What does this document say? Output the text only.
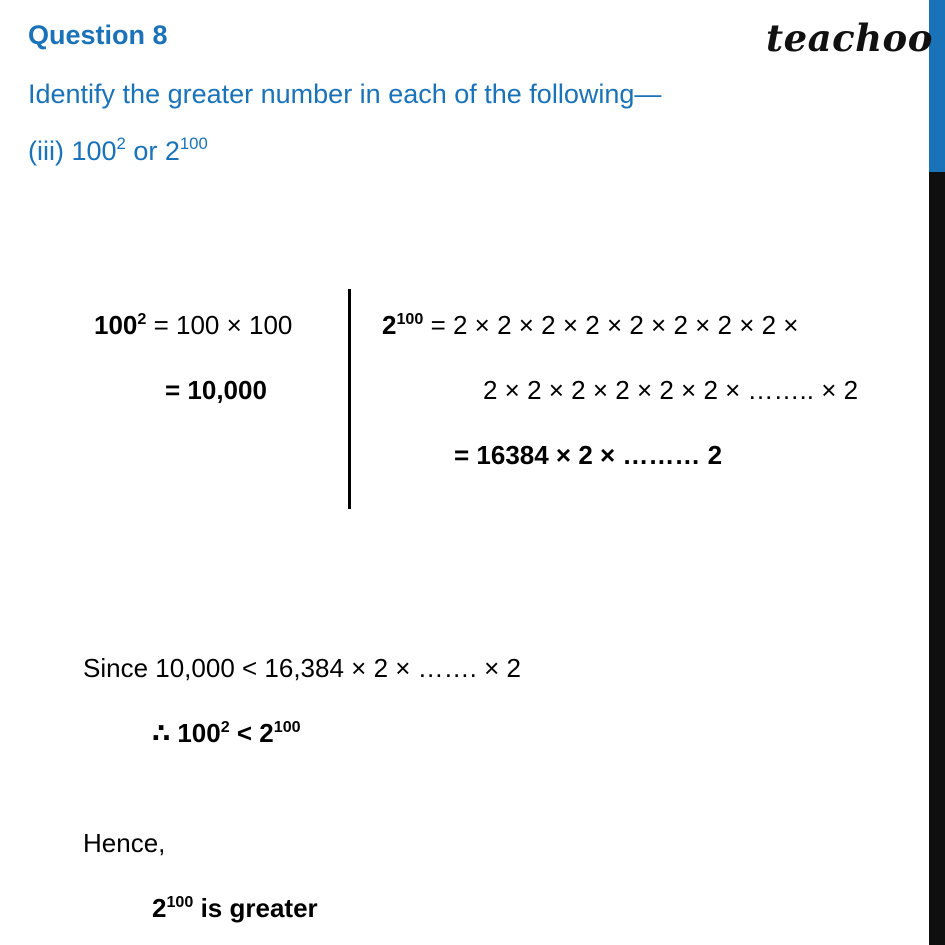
Question 8	teachoo
Identify the greater number in each of the following—
(iii) $100^2$ or $2^{100}$
$100^2 = 100 \times 100$
= 10,000
$2^{100} = 2 \times 2 \times 2 \times 2 \times 2 \times 2 \times 2 \times 2$ ×
2 × 2 × 2 × 2 × 2 × 2 × …….. × 2
= 16384 × 2 × ……… 2
Since 10,000 < 16,384 × 2 × ……. × 2
∴ $100^2 < 2^{100}$
Hence,
$2^{100}$ is greater
